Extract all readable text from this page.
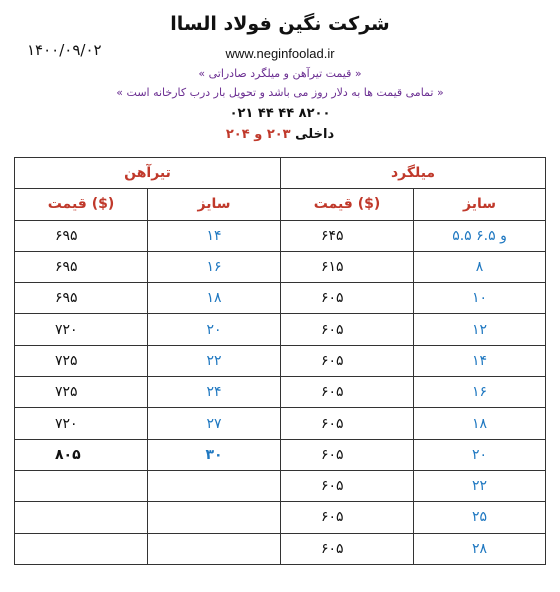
شرکت نگین فولاد الساا
۱۴۰۰/۰۹/۰۲	www.neginfoolad.ir
« قیمت تیرآهن و میلگرد صادراتی »
« تمامی قیمت ها به دلار روز می باشد و تحویل بار درب کارخانه است »
۰۲۱ ۴۴ ۴۴ ۸۲۰۰
داخلی ۲۰۳ و ۲۰۴
تیرآهن		میلگرد	
قیمت ($)	سایز	قیمت ($)	سایز
۶۹۵	۱۴	۶۴۵	۵.۵ و ۶.۵
۶۹۵	۱۶	۶۱۵	۸
۶۹۵	۱۸	۶۰۵	۱۰
۷۲۰	۲۰	۶۰۵	۱۲
۷۲۵	۲۲	۶۰۵	۱۴
۷۲۵	۲۴	۶۰۵	۱۶
۷۲۰	۲۷	۶۰۵	۱۸
۸۰۵	۳۰	۶۰۵	۲۰
		۶۰۵	۲۲
		۶۰۵	۲۵
		۶۰۵	۲۸
